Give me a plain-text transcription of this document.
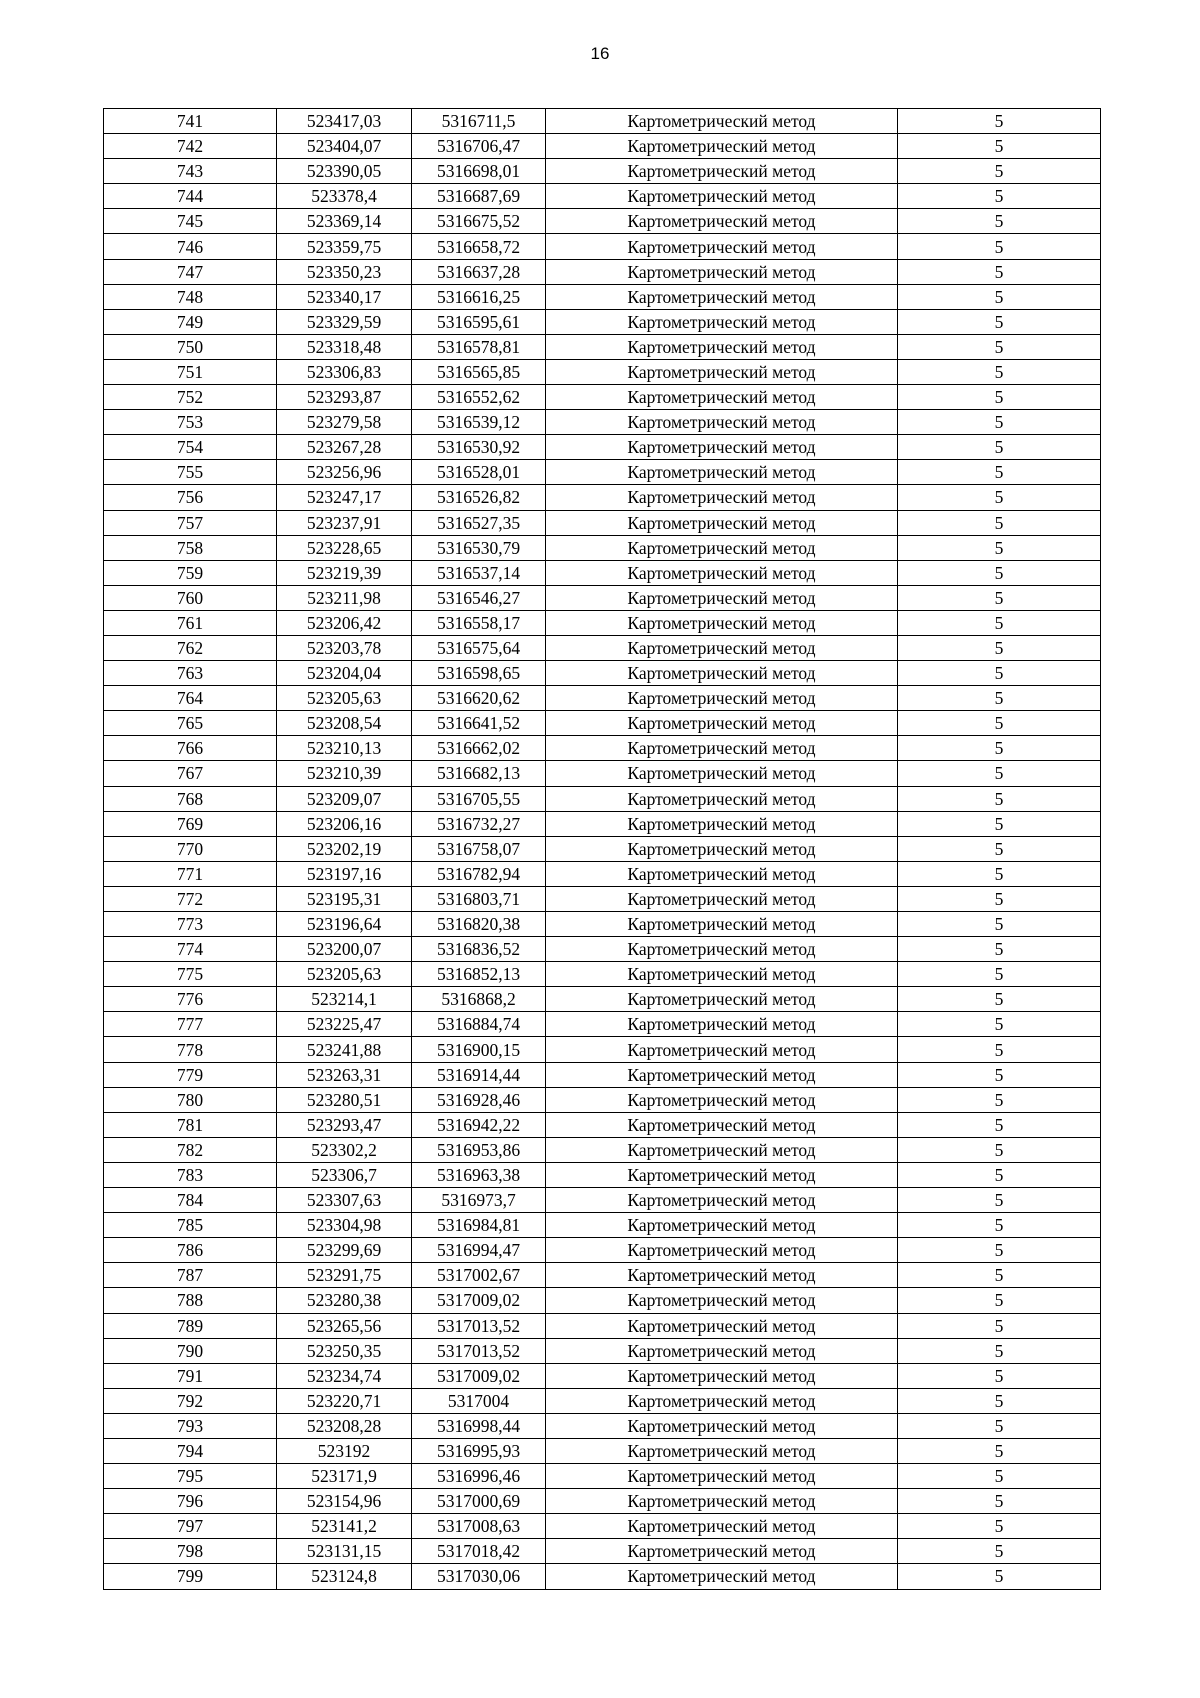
16
741	523417,03	5316711,5	Картометрический метод	5
742	523404,07	5316706,47	Картометрический метод	5
743	523390,05	5316698,01	Картометрический метод	5
744	523378,4	5316687,69	Картометрический метод	5
745	523369,14	5316675,52	Картометрический метод	5
746	523359,75	5316658,72	Картометрический метод	5
747	523350,23	5316637,28	Картометрический метод	5
748	523340,17	5316616,25	Картометрический метод	5
749	523329,59	5316595,61	Картометрический метод	5
750	523318,48	5316578,81	Картометрический метод	5
751	523306,83	5316565,85	Картометрический метод	5
752	523293,87	5316552,62	Картометрический метод	5
753	523279,58	5316539,12	Картометрический метод	5
754	523267,28	5316530,92	Картометрический метод	5
755	523256,96	5316528,01	Картометрический метод	5
756	523247,17	5316526,82	Картометрический метод	5
757	523237,91	5316527,35	Картометрический метод	5
758	523228,65	5316530,79	Картометрический метод	5
759	523219,39	5316537,14	Картометрический метод	5
760	523211,98	5316546,27	Картометрический метод	5
761	523206,42	5316558,17	Картометрический метод	5
762	523203,78	5316575,64	Картометрический метод	5
763	523204,04	5316598,65	Картометрический метод	5
764	523205,63	5316620,62	Картометрический метод	5
765	523208,54	5316641,52	Картометрический метод	5
766	523210,13	5316662,02	Картометрический метод	5
767	523210,39	5316682,13	Картометрический метод	5
768	523209,07	5316705,55	Картометрический метод	5
769	523206,16	5316732,27	Картометрический метод	5
770	523202,19	5316758,07	Картометрический метод	5
771	523197,16	5316782,94	Картометрический метод	5
772	523195,31	5316803,71	Картометрический метод	5
773	523196,64	5316820,38	Картометрический метод	5
774	523200,07	5316836,52	Картометрический метод	5
775	523205,63	5316852,13	Картометрический метод	5
776	523214,1	5316868,2	Картометрический метод	5
777	523225,47	5316884,74	Картометрический метод	5
778	523241,88	5316900,15	Картометрический метод	5
779	523263,31	5316914,44	Картометрический метод	5
780	523280,51	5316928,46	Картометрический метод	5
781	523293,47	5316942,22	Картометрический метод	5
782	523302,2	5316953,86	Картометрический метод	5
783	523306,7	5316963,38	Картометрический метод	5
784	523307,63	5316973,7	Картометрический метод	5
785	523304,98	5316984,81	Картометрический метод	5
786	523299,69	5316994,47	Картометрический метод	5
787	523291,75	5317002,67	Картометрический метод	5
788	523280,38	5317009,02	Картометрический метод	5
789	523265,56	5317013,52	Картометрический метод	5
790	523250,35	5317013,52	Картометрический метод	5
791	523234,74	5317009,02	Картометрический метод	5
792	523220,71	5317004	Картометрический метод	5
793	523208,28	5316998,44	Картометрический метод	5
794	523192	5316995,93	Картометрический метод	5
795	523171,9	5316996,46	Картометрический метод	5
796	523154,96	5317000,69	Картометрический метод	5
797	523141,2	5317008,63	Картометрический метод	5
798	523131,15	5317018,42	Картометрический метод	5
799	523124,8	5317030,06	Картометрический метод	5
